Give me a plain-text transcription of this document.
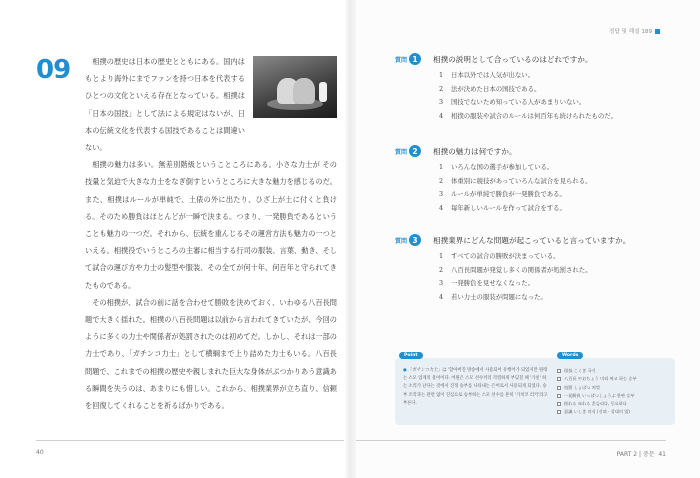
09	相撲の歴史は日本の歴史とともにある。国内はもとより海外にまでファンを持つ日本を代表するひとつの文化といえる存在となっている。相撲は「日本の国技」として法による規定はないが、日本の伝統文化を代表する国技であることは間違いない。

相撲の魅力は多い。無差別階級ということころにある。小さな力士が その技量と気迫で大きな力士をなぎ倒すというところに大きな魅力を感じるのだ。また、相撲はルールが単純で、土俵の外に出たり、ひざ上が土に付くと負ける。そのため勝負はほとんどが一瞬で決まる。つまり、一発勝負であるということも魅力の一つだ。それから、伝統を重んじるその運営方法も魅力の一つといえる。相撲役でいうところの主審に相当する行司の服装、言葉、動き、そして試合の運び方や力士の髪型や服装、その全てが何十年、何百年と守られてきたものである。

その相撲が、試合の前に話を合わせて勝敗を決めておく、いわゆる八百長問題で大きく揺れた。相撲の八百長問題は以前から言われてきていたが、今回のように多くの力士や関係者が処罰されたのは初めてだ。しかし、それは一部の力士であり、「ガチンコ力士」として横綱まで上り詰めた力士もいる。八百長問題で、これまでの相撲の歴史や親しまれた巨大な身体がぶつかりあう意識ある瞬間を失うのは、あまりにも惜しい。これから、相撲業界が立ち直り、信頼を回復してくれることを祈るばかりである。

40
정답 및 해설 189
質問 1	相撲の説明として合っているのはどれですか。
1 日本以外では人気が出ない。
2 法が決めた日本の国技である。
3 国技でないため知っている人があまりいない。
4 相撲の服装や試合のルールは何百年も続けられたものだ。
質問 2	相撲の魅力は何ですか。
1 いろんな国の選手が参加している。
2 体重別に競技があっていろんな試合を見られる。
3 ルールが単純で勝負が一発勝負である。
4 毎年新しいルールを作って試合をする。
質問 3	相撲業界にどんな問題が起こっていると言っていますか。
1 すべての試合の勝敗が決まっている。
2 八百長問題が発覚し多くの関係者が処罰された。
3 一発勝負を見せなくなった。
4 若い力士の服装が問題になった。
Point
● 「ガチンコ力士」は '할아버진 방송에서 사용되어 유행어가 되었지만 원래는 스모 업계의 용어이다. 어원은 스모 선수끼리 격렬하게 부딪칠 때 '가친' 하는 소리가 난다는 것에서 진정 승부를 나타내는 은어로서 사용되게 되었다. 승부 조작과는 관련 없이 진심으로 승부하는 스모 선수를 흔히 '가치코 러키'라고 부른다.
Words
国技 こくぎ 국기
八百長 やおちょう 미리 짜고 하는 승부
処罰 しょばつ 처벌
一発勝負 いっぱつしょうぶ 한판 승부
揺れる ゆれる 흔들리다, 동요하다
意識 いしき 의식 (신뢰 · 상대의 업)
PART 2 | 중문 41
